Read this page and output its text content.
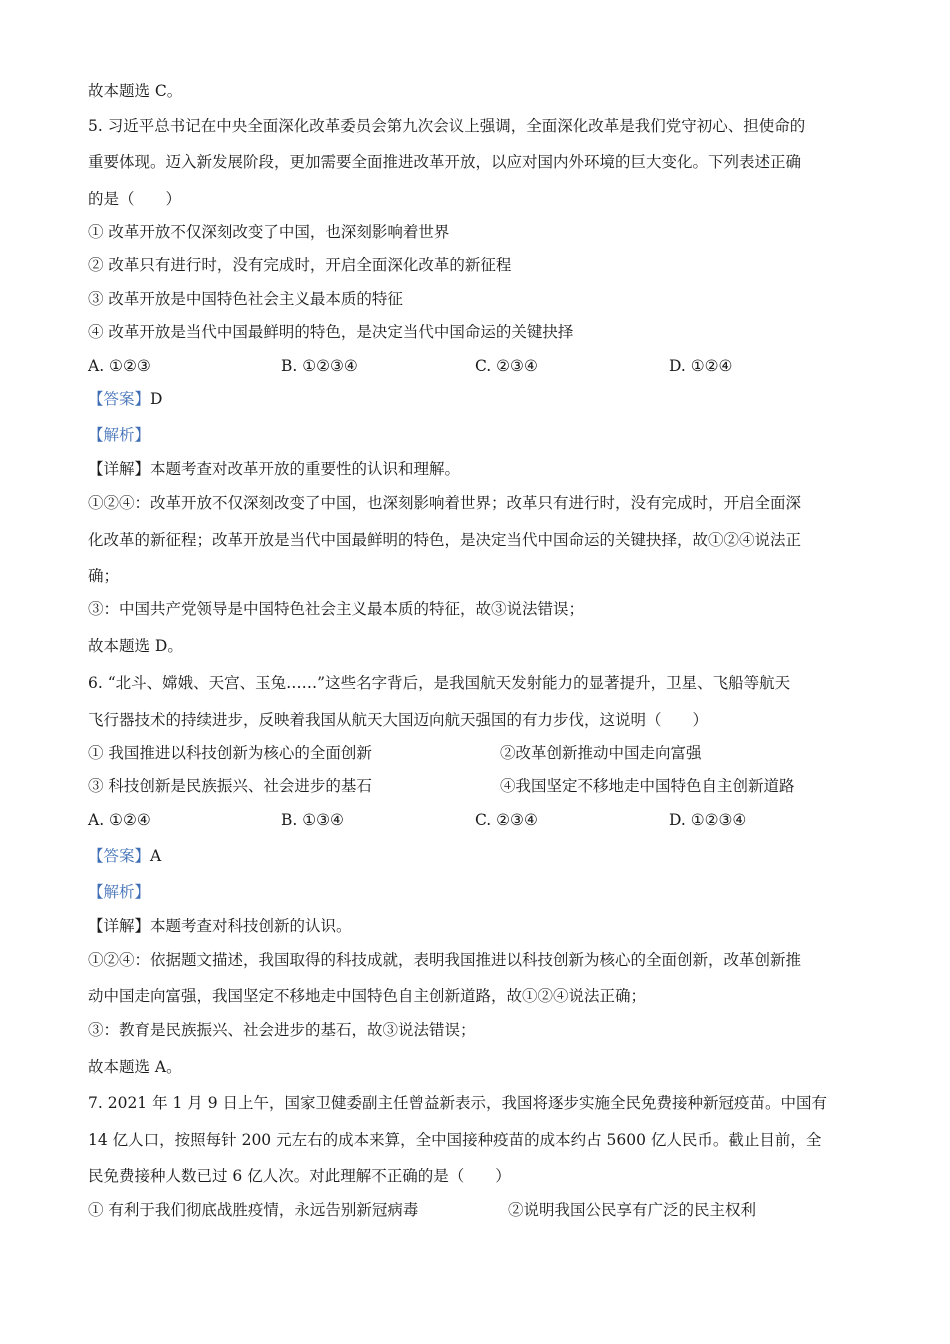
故本题选 C。
5. 习近平总书记在中央全面深化改革委员会第九次会议上强调，全面深化改革是我们党守初心、担使命的
重要体现。迈入新发展阶段，更加需要全面推进改革开放，以应对国内外环境的巨大变化。下列表述正确
的是（　　）
① 改革开放不仅深刻改变了中国，也深刻影响着世界
② 改革只有进行时，没有完成时，开启全面深化改革的新征程
③ 改革开放是中国特色社会主义最本质的特征
④ 改革开放是当代中国最鲜明的特色，是决定当代中国命运的关键抉择
A. ①②③	B. ①②③④	C. ②③④	D. ①②④
【答案】D
【解析】
【详解】本题考查对改革开放的重要性的认识和理解。
①②④：改革开放不仅深刻改变了中国，也深刻影响着世界；改革只有进行时，没有完成时，开启全面深
化改革的新征程；改革开放是当代中国最鲜明的特色，是决定当代中国命运的关键抉择，故①②④说法正
确；
③：中国共产党领导是中国特色社会主义最本质的特征，故③说法错误；
故本题选 D。
6. “北斗、嫦娥、天宫、玉兔……”这些名字背后，是我国航天发射能力的显著提升，卫星、飞船等航天
飞行器技术的持续进步，反映着我国从航天大国迈向航天强国的有力步伐，这说明（　　）
① 我国推进以科技创新为核心的全面创新	②改革创新推动中国走向富强
③ 科技创新是民族振兴、社会进步的基石	④我国坚定不移地走中国特色自主创新道路
A. ①②④	B. ①③④	C. ②③④	D. ①②③④
【答案】A
【解析】
【详解】本题考查对科技创新的认识。
①②④：依据题文描述，我国取得的科技成就，表明我国推进以科技创新为核心的全面创新，改革创新推
动中国走向富强，我国坚定不移地走中国特色自主创新道路，故①②④说法正确；
③：教育是民族振兴、社会进步的基石，故③说法错误；
故本题选 A。
7. 2021 年 1 月 9 日上午，国家卫健委副主任曾益新表示，我国将逐步实施全民免费接种新冠疫苗。中国有
14 亿人口，按照每针 200 元左右的成本来算，全中国接种疫苗的成本约占 5600 亿人民币。截止目前，全
民免费接种人数已过 6 亿人次。对此理解不正确的是（　　）
① 有利于我们彻底战胜疫情，永远告别新冠病毒	②说明我国公民享有广泛的民主权利
